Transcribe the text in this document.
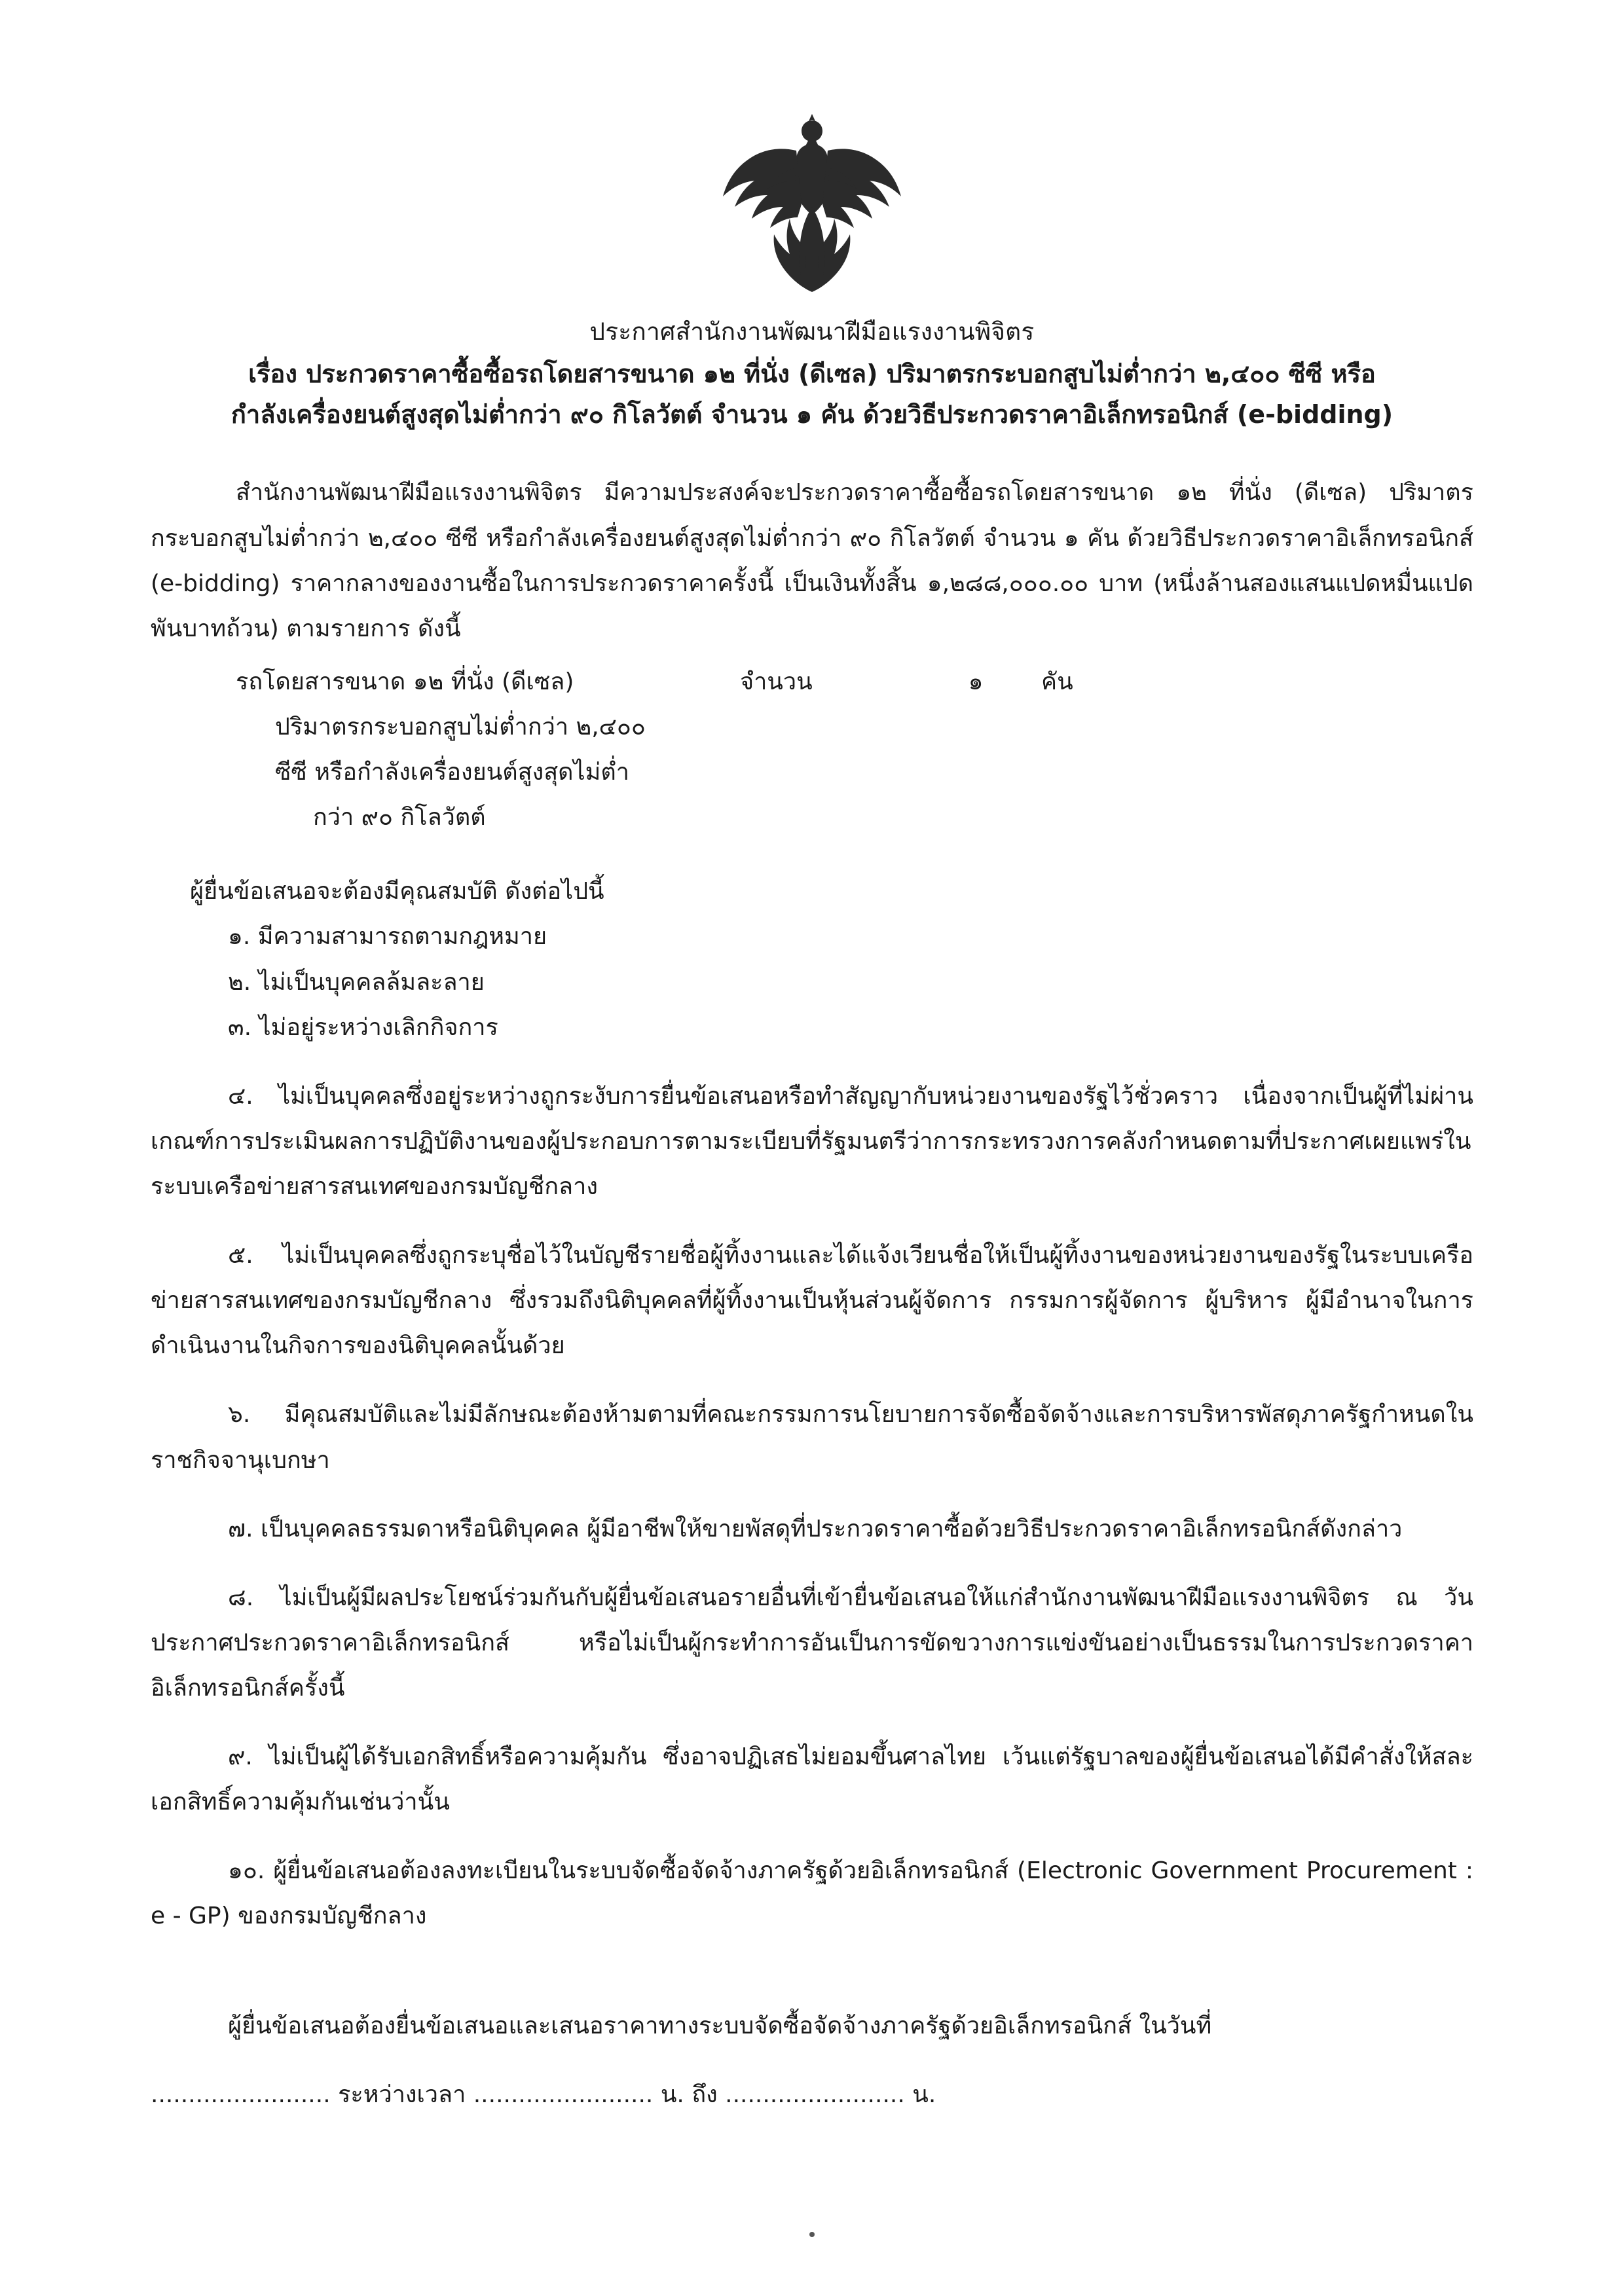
ประกาศสำนักงานพัฒนาฝีมือแรงงานพิจิตร
เรื่อง ประกวดราคาซื้อซื้อรถโดยสารขนาด ๑๒ ที่นั่ง (ดีเซล) ปริมาตรกระบอกสูบไม่ต่ำกว่า ๒,๔๐๐ ซีซี หรือ
กำลังเครื่องยนต์สูงสุดไม่ต่ำกว่า ๙๐ กิโลวัตต์ จำนวน ๑ คัน ด้วยวิธีประกวดราคาอิเล็กทรอนิกส์ (e-bidding)

สำนักงานพัฒนาฝีมือแรงงานพิจิตร มีความประสงค์จะประกวดราคาซื้อซื้อรถโดยสารขนาด ๑๒ ที่นั่ง (ดีเซล) ปริมาตรกระบอกสูบไม่ต่ำกว่า ๒,๔๐๐ ซีซี หรือกำลังเครื่องยนต์สูงสุดไม่ต่ำกว่า ๙๐ กิโลวัตต์ จำนวน ๑ คัน ด้วยวิธีประกวดราคาอิเล็กทรอนิกส์ (e-bidding) ราคากลางของงานซื้อในการประกวดราคาครั้งนี้ เป็นเงินทั้งสิ้น ๑,๒๘๘,๐๐๐.๐๐ บาท (หนึ่งล้านสองแสนแปดหมื่นแปดพันบาทถ้วน) ตามรายการ ดังนี้

รถโดยสารขนาด ๑๒ ที่นั่ง (ดีเซล)	จำนวน	๑	คัน
ปริมาตรกระบอกสูบไม่ต่ำกว่า ๒,๔๐๐
ซีซี หรือกำลังเครื่องยนต์สูงสุดไม่ต่ำ
กว่า ๙๐ กิโลวัตต์
ผู้ยื่นข้อเสนอจะต้องมีคุณสมบัติ ดังต่อไปนี้
๑. มีความสามารถตามกฎหมาย
๒. ไม่เป็นบุคคลล้มละลาย
๓. ไม่อยู่ระหว่างเลิกกิจการ

๔. ไม่เป็นบุคคลซึ่งอยู่ระหว่างถูกระงับการยื่นข้อเสนอหรือทำสัญญากับหน่วยงานของรัฐไว้ชั่วคราว เนื่องจากเป็นผู้ที่ไม่ผ่านเกณฑ์การประเมินผลการปฏิบัติงานของผู้ประกอบการตามระเบียบที่รัฐมนตรีว่าการกระทรวงการคลังกำหนดตามที่ประกาศเผยแพร่ในระบบเครือข่ายสารสนเทศของกรมบัญชีกลาง

๕. ไม่เป็นบุคคลซึ่งถูกระบุชื่อไว้ในบัญชีรายชื่อผู้ทิ้งงานและได้แจ้งเวียนชื่อให้เป็นผู้ทิ้งงานของหน่วยงานของรัฐในระบบเครือข่ายสารสนเทศของกรมบัญชีกลาง ซึ่งรวมถึงนิติบุคคลที่ผู้ทิ้งงานเป็นหุ้นส่วนผู้จัดการ กรรมการผู้จัดการ ผู้บริหาร ผู้มีอำนาจในการดำเนินงานในกิจการของนิติบุคคลนั้นด้วย

๖. มีคุณสมบัติและไม่มีลักษณะต้องห้ามตามที่คณะกรรมการนโยบายการจัดซื้อจัดจ้างและการบริหารพัสดุภาครัฐกำหนดในราชกิจจานุเบกษา

๗. เป็นบุคคลธรรมดาหรือนิติบุคคล ผู้มีอาชีพให้ขายพัสดุที่ประกวดราคาซื้อด้วยวิธีประกวดราคาอิเล็กทรอนิกส์ดังกล่าว

๘. ไม่เป็นผู้มีผลประโยชน์ร่วมกันกับผู้ยื่นข้อเสนอรายอื่นที่เข้ายื่นข้อเสนอให้แก่สำนักงานพัฒนาฝีมือแรงงานพิจิตร ณ วันประกาศประกวดราคาอิเล็กทรอนิกส์ หรือไม่เป็นผู้กระทำการอันเป็นการขัดขวางการแข่งขันอย่างเป็นธรรมในการประกวดราคาอิเล็กทรอนิกส์ครั้งนี้

๙. ไม่เป็นผู้ได้รับเอกสิทธิ์หรือความคุ้มกัน ซึ่งอาจปฏิเสธไม่ยอมขึ้นศาลไทย เว้นแต่รัฐบาลของผู้ยื่นข้อเสนอได้มีคำสั่งให้สละเอกสิทธิ์ความคุ้มกันเช่นว่านั้น

๑๐. ผู้ยื่นข้อเสนอต้องลงทะเบียนในระบบจัดซื้อจัดจ้างภาครัฐด้วยอิเล็กทรอนิกส์ (Electronic Government Procurement : e - GP) ของกรมบัญชีกลาง

ผู้ยื่นข้อเสนอต้องยื่นข้อเสนอและเสนอราคาทางระบบจัดซื้อจัดจ้างภาครัฐด้วยอิเล็กทรอนิกส์ ในวันที่

........................ ระหว่างเวลา ........................ น. ถึง ........................ น.
